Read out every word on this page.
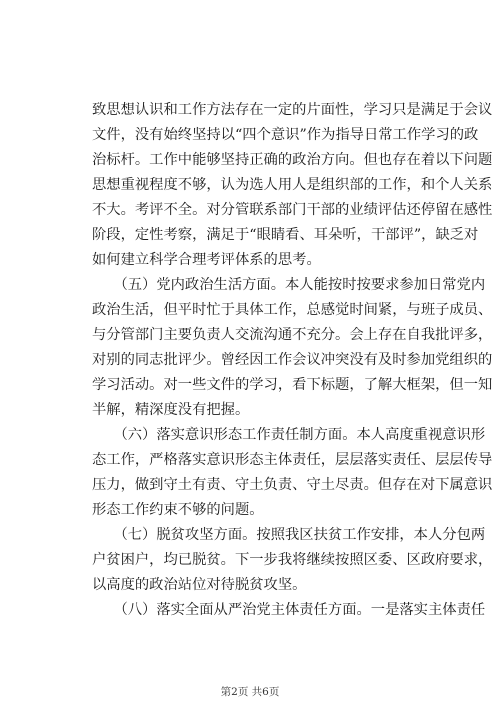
致思想认识和工作方法存在一定的片面性，学习只是满足于会议
文件，没有始终坚持以“四个意识”作为指导日常工作学习的政
治标杆。工作中能够坚持正确的政治方向。但也存在着以下问题
思想重视程度不够，认为选人用人是组织部的工作，和个人关系
不大。考评不全。对分管联系部门干部的业绩评估还停留在感性
阶段，定性考察，满足于“眼睛看、耳朵听，干部评”，缺乏对
如何建立科学合理考评体系的思考。
　　（五）党内政治生活方面。本人能按时按要求参加日常党内
政治生活，但平时忙于具体工作，总感觉时间紧，与班子成员、
与分管部门主要负责人交流沟通不充分。会上存在自我批评多，
对别的同志批评少。曾经因工作会议冲突没有及时参加党组织的
学习活动。对一些文件的学习，看下标题，了解大框架，但一知
半解，精深度没有把握。
　　（六）落实意识形态工作责任制方面。本人高度重视意识形
态工作，严格落实意识形态主体责任，层层落实责任、层层传导
压力，做到守土有责、守土负责、守土尽责。但存在对下属意识
形态工作约束不够的问题。
　　（七）脱贫攻坚方面。按照我区扶贫工作安排，本人分包两
户贫困户，均已脱贫。下一步我将继续按照区委、区政府要求，
以高度的政治站位对待脱贫攻坚。
　　（八）落实全面从严治党主体责任方面。一是落实主体责任
第2页 共6页
